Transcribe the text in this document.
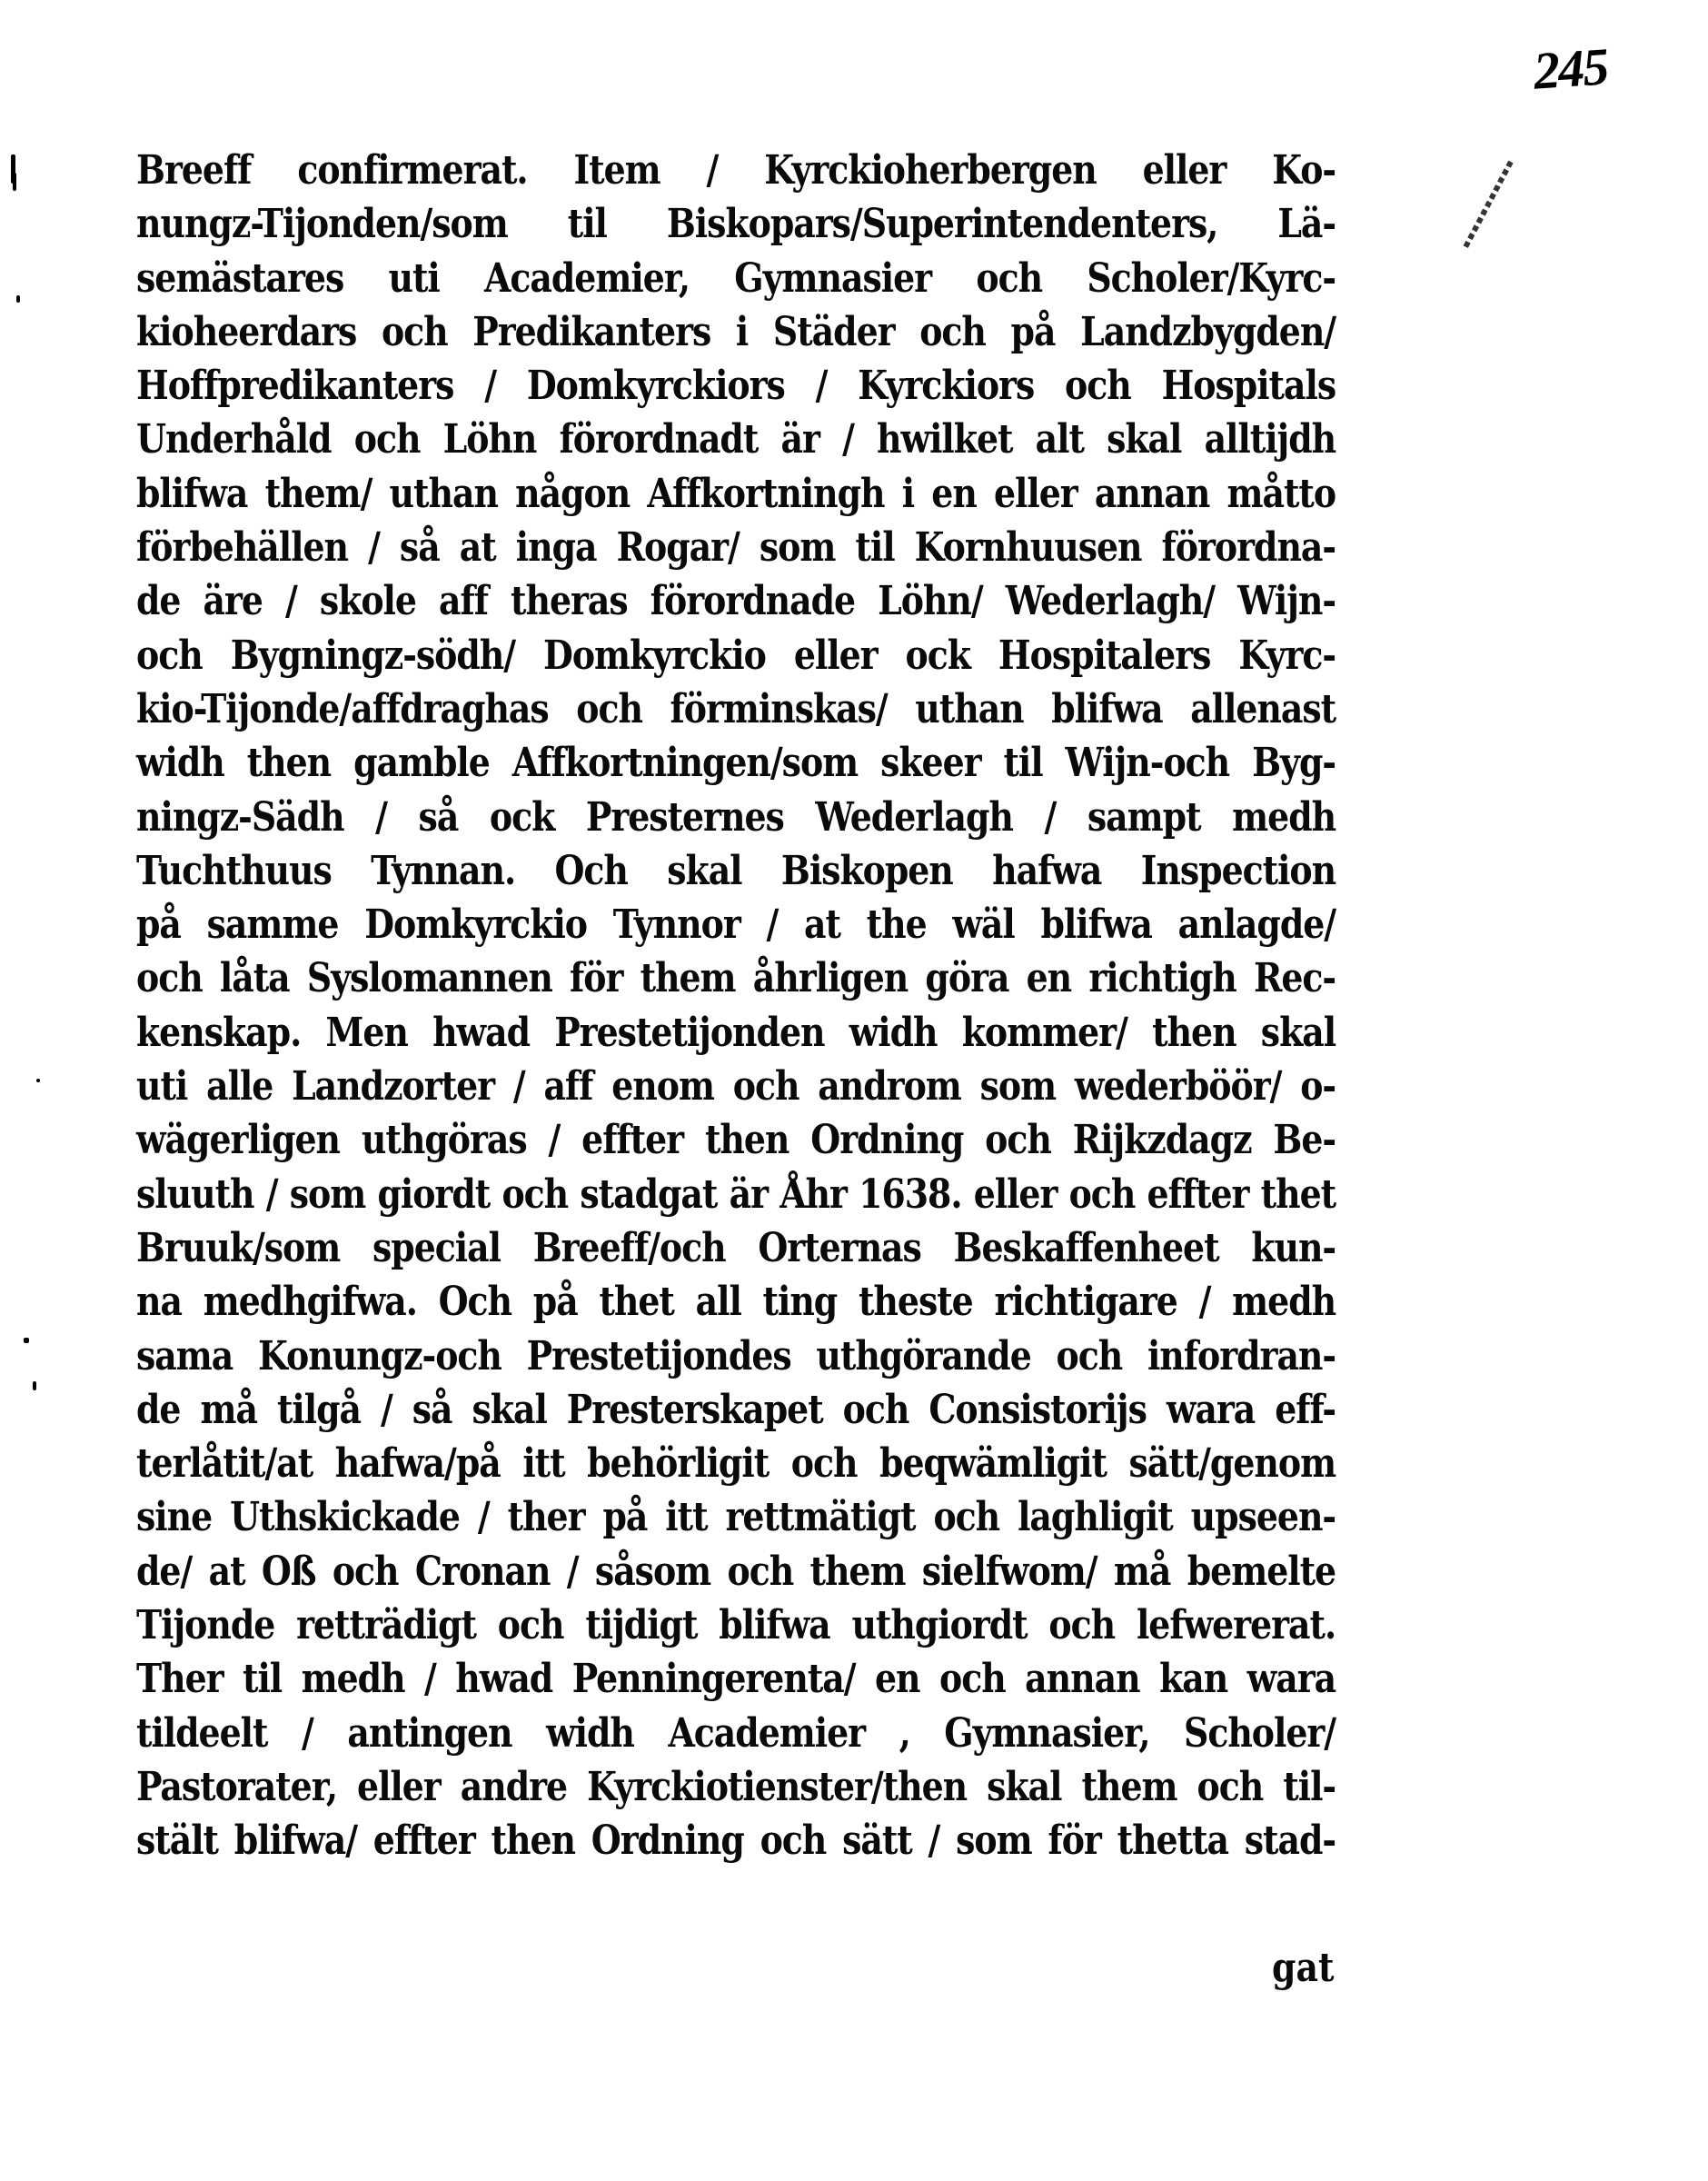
245
Breeff confirmerat. Item / Kyrckioherbergen eller Ko-
nungz-Tijonden/som til Biskopars/Superintendenters, Lä-
semästares uti Academier, Gymnasier och Scholer/Kyrc-
kioheerdars och Predikanters i Städer och på Landzbygden/
Hoffpredikanters / Domkyrckiors / Kyrckiors och Hospitals
Underhåld och Löhn förordnadt är / hwilket alt skal alltijdh
blifwa them/ uthan någon Affkortningh i en eller annan måtto
förbehällen / så at inga Rogar/ som til Kornhuusen förordna-
de äre / skole aff theras förordnade Löhn/ Wederlagh/ Wijn-
och Bygningz-södh/ Domkyrckio eller ock Hospitalers Kyrc-
kio-Tijonde/affdraghas och förminskas/ uthan blifwa allenast
widh then gamble Affkortningen/som skeer til Wijn-och Byg-
ningz-Sädh / så ock Presternes Wederlagh / sampt medh
Tuchthuus Tynnan. Och skal Biskopen hafwa Inspection
på samme Domkyrckio Tynnor / at the wäl blifwa anlagde/
och låta Syslomannen för them åhrligen göra en richtigh Rec-
kenskap. Men hwad Prestetijonden widh kommer/ then skal
uti alle Landzorter / aff enom och androm som wederböör/ o-
wägerligen uthgöras / effter then Ordning och Rijkzdagz Be-
sluuth / som giordt och stadgat är Åhr 1638. eller och effter thet
Bruuk/som special Breeff/och Orternas Beskaffenheet kun-
na medhgifwa. Och på thet all ting theste richtigare / medh
sama Konungz-och Prestetijondes uthgörande och infordran-
de må tilgå / så skal Presterskapet och Consistorijs wara eff-
terlåtit/at hafwa/på itt behörligit och beqwämligit sätt/genom
sine Uthskickade / ther på itt rettmätigt och laghligit upseen-
de/ at Oß och Cronan / såsom och them sielfwom/ må bemelte
Tijonde retträdigt och tijdigt blifwa uthgiordt och lefwererat.
Ther til medh / hwad Penningerenta/ en och annan kan wara
tildeelt / antingen widh Academier , Gymnasier, Scholer/
Pastorater, eller andre Kyrckiotienster/then skal them och til-
stält blifwa/ effter then Ordning och sätt / som för thetta stad-
gat
